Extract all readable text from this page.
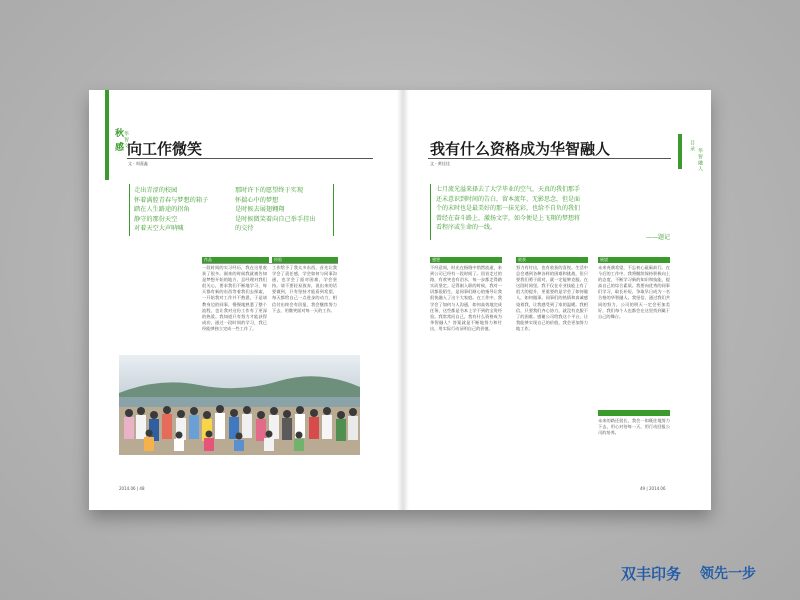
秋 感 华智文
向工作微笑
文 · 周嘉鑫
走出青涩的校园
怀着满腔青春与梦想的箱子
踏在人生路途的拐角
静守的那份天空
对着天空大声呐喊
那时许下的愿望终于实现
怀揣心中的梦想
是时候去展翅翱翔
是时候微笑着向自己举手挂出
的交待
作品	经验
一段时间的实习经历，我在这里收获了很多。刚来的时候我就被告知是梦想开始的地方，总经理对我们很关心，要求我们不断地学习，每天都有新的东西等着我们去探索，一开始我对工作并不熟悉，于是请教身边的同事，慢慢地熟悉了整个流程，也让我对这份工作有了更深的热爱。我知道只有努力才能获得成功，通过一段时间的学习，我已经能够独立完成一些工作了。
工作给予了我太多东西，首先让我学会了责任感，学会如何与同事沟通，也学会了面对困难，学会坚持。请不要轻易放弃，说出来的话要做到，只有坚持才能看到希望，每天都给自己一点进步的动力，相信付出终会有回报，我会继续努力下去，用微笑面对每一天的工作。
2014.06 | 48
我有什么资格成为华智融人
文 · 黄佳佳	华智融人
目录
七月流光溢来择去了大学毕业的空气，天真的我们那手
还未意识到时间的告白，留本流年、无影思念，但是面
个的末时也是最美好的那一抹光彩，也给不自负的我们
曾经在奋斗路上，激扬文字，如今便是上飞翔的梦想将
看程序或生命的一线。
——题记
感想	收获	展望
不经意间，时光在指缝中悄然流逝，来到公司已经有一段时间了。回首走过的路，有欢笑也有泪水，每一步都走得踏实而坚定。记得刚入职的时候，我对一切都很陌生，是同事们耐心的指导让我很快融入了这个大家庭。在工作中，我学会了如何与人沟通，如何高效地完成任务，这些都是书本上学不到的宝贵经验。我常常问自己，我有什么资格成为华智融人？答案就是不断地努力和付出，用实际行动证明自己的价值。
努力有付出，也有收获的喜悦。生活中总会遇到各种各样的困难和挑战，但只要我们勇于面对，就一定能够克服。在这段时间里，我不仅在专业技能上有了很大的提升，更重要的是学会了如何做人，如何做事。同事们的热情和真诚感染着我，让我感受到了家的温暖。我相信，只要我们齐心协力，就没有克服不了的困难。感谢公司给我这个平台，让我能够实现自己的价值，我会更加努力地工作。
未来充满希望，不忘初心砥砺前行。在今后的工作中，我将继续保持积极向上的态度，不断学习新的知识和技能，提高自己的综合素质。我要向优秀的同事们学习，取长补短，争取早日成为一名合格的华智融人。我坚信，通过我们共同的努力，公司的明天一定会更加美好，我们每个人也都会在这里找到属于自己的舞台。
未来的路还很长，我会一如既往地努力下去，用心对待每一天，用行动回报公司的培养。
49 | 2014.06
双丰印务 领先一步
